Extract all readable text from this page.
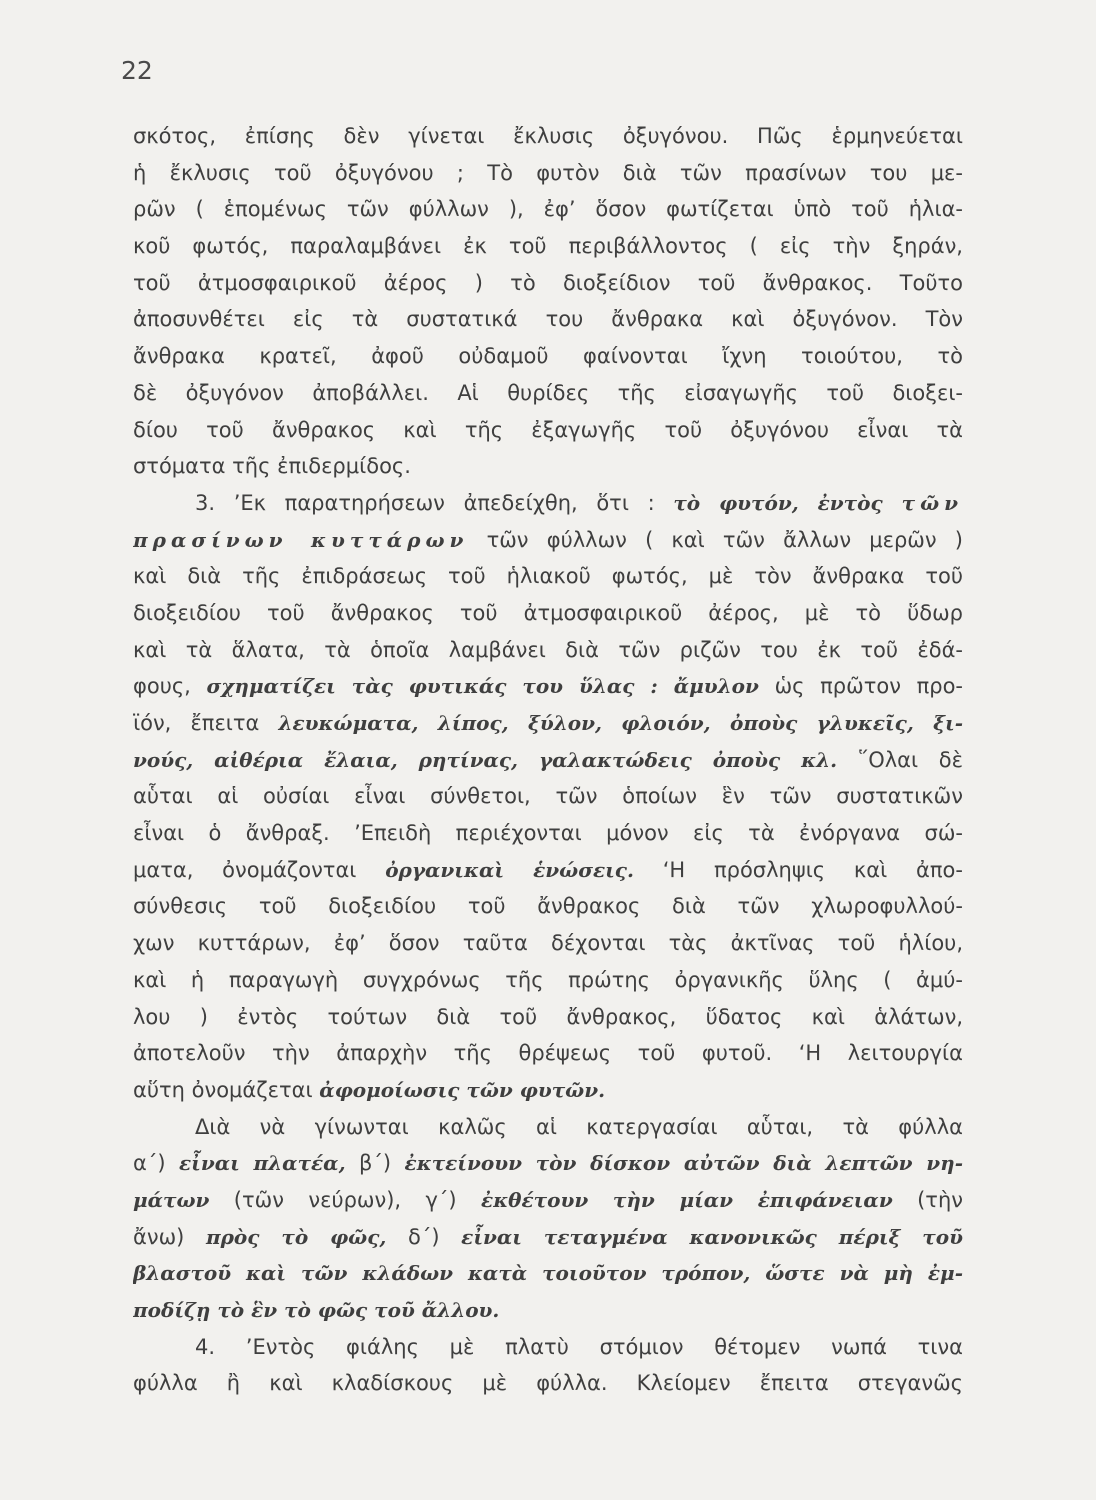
22
σκότος, ἐπίσης δὲν γίνεται ἔκλυσις ὀξυγόνου. Πῶς ἑρμηνεύεται
ἡ ἔκλυσις τοῦ ὀξυγόνου ; Τὸ φυτὸν διὰ τῶν πρασίνων του με-
ρῶν ( ἑπομένως τῶν φύλλων ), ἐφ’ ὅσον φωτίζεται ὑπὸ τοῦ ἡλια-
κοῦ φωτός, παραλαμβάνει ἐκ τοῦ περιβάλλοντος ( εἰς τὴν ξηράν,
τοῦ ἀτμοσφαιρικοῦ ἀέρος ) τὸ διοξείδιον τοῦ ἄνθρακος. Τοῦτο
ἀποσυνθέτει εἰς τὰ συστατικά του ἄνθρακα καὶ ὀξυγόνον. Τὸν
ἄνθρακα κρατεῖ, ἀφοῦ οὐδαμοῦ φαίνονται ἴχνη τοιούτου, τὸ
δὲ ὀξυγόνον ἀποβάλλει. Αἱ θυρίδες τῆς εἰσαγωγῆς τοῦ διοξει-
δίου τοῦ ἄνθρακος καὶ τῆς ἐξαγωγῆς τοῦ ὀξυγόνου εἶναι τὰ
στόματα τῆς ἐπιδερμίδος.
3. ’Εκ παρατηρήσεων ἀπεδείχθη, ὅτι : τὸ φυτόν, ἐντὸς τῶν
πρασίνων κυττάρων τῶν φύλλων ( καὶ τῶν ἄλλων μερῶν )
καὶ διὰ τῆς ἐπιδράσεως τοῦ ἡλιακοῦ φωτός, μὲ τὸν ἄνθρακα τοῦ
διοξειδίου τοῦ ἄνθρακος τοῦ ἀτμοσφαιρικοῦ ἀέρος, μὲ τὸ ὕδωρ
καὶ τὰ ἅλατα, τὰ ὁποῖα λαμβάνει διὰ τῶν ριζῶν του ἐκ τοῦ ἐδά-
φους, σχηματίζει τὰς φυτικάς του ὕλας : ἄμυλον ὡς πρῶτον προ-
ϊόν, ἔπειτα λευκώματα, λίπος, ξύλον, φλοιόν, ὀποὺς γλυκεῖς, ξι-
νούς, αἰθέρια ἔλαια, ρητίνας, γαλακτώδεις ὀποὺς κλ. ῞Ολαι δὲ
αὗται αἱ οὐσίαι εἶναι σύνθετοι, τῶν ὁποίων ἓν τῶν συστατικῶν
εἶναι ὁ ἄνθραξ. ’Επειδὴ περιέχονται μόνον εἰς τὰ ἐνόργανα σώ-
ματα, ὀνομάζονται ὀργανικαὶ ἑνώσεις. ‘Η πρόσληψις καὶ ἀπο-
σύνθεσις τοῦ διοξειδίου τοῦ ἄνθρακος διὰ τῶν χλωροφυλλού-
χων κυττάρων, ἐφ’ ὅσον ταῦτα δέχονται τὰς ἀκτῖνας τοῦ ἡλίου,
καὶ ἡ παραγωγὴ συγχρόνως τῆς πρώτης ὀργανικῆς ὕλης ( ἀμύ-
λου ) ἐντὸς τούτων διὰ τοῦ ἄνθρακος, ὕδατος καὶ ἁλάτων,
ἀποτελοῦν τὴν ἀπαρχὴν τῆς θρέψεως τοῦ φυτοῦ. ‘Η λειτουργία
αὕτη ὀνομάζεται ἀφομοίωσις τῶν φυτῶν.
Διὰ νὰ γίνωνται καλῶς αἱ κατεργασίαι αὗται, τὰ φύλλα
α΄) εἶναι πλατέα, β΄) ἐκτείνουν τὸν δίσκον αὐτῶν διὰ λεπτῶν νη-
μάτων (τῶν νεύρων), γ΄) ἐκθέτουν τὴν μίαν ἐπιφάνειαν (τὴν
ἄνω) πρὸς τὸ φῶς, δ΄) εἶναι τεταγμένα κανονικῶς πέριξ τοῦ
βλαστοῦ καὶ τῶν κλάδων κατὰ τοιοῦτον τρόπον, ὥστε νὰ μὴ ἐμ-
ποδίζῃ τὸ ἓν τὸ φῶς τοῦ ἄλλου.
4. ’Εντὸς φιάλης μὲ πλατὺ στόμιον θέτομεν νωπά τινα
φύλλα ἢ καὶ κλαδίσκους μὲ φύλλα. Κλείομεν ἔπειτα στεγανῶς
